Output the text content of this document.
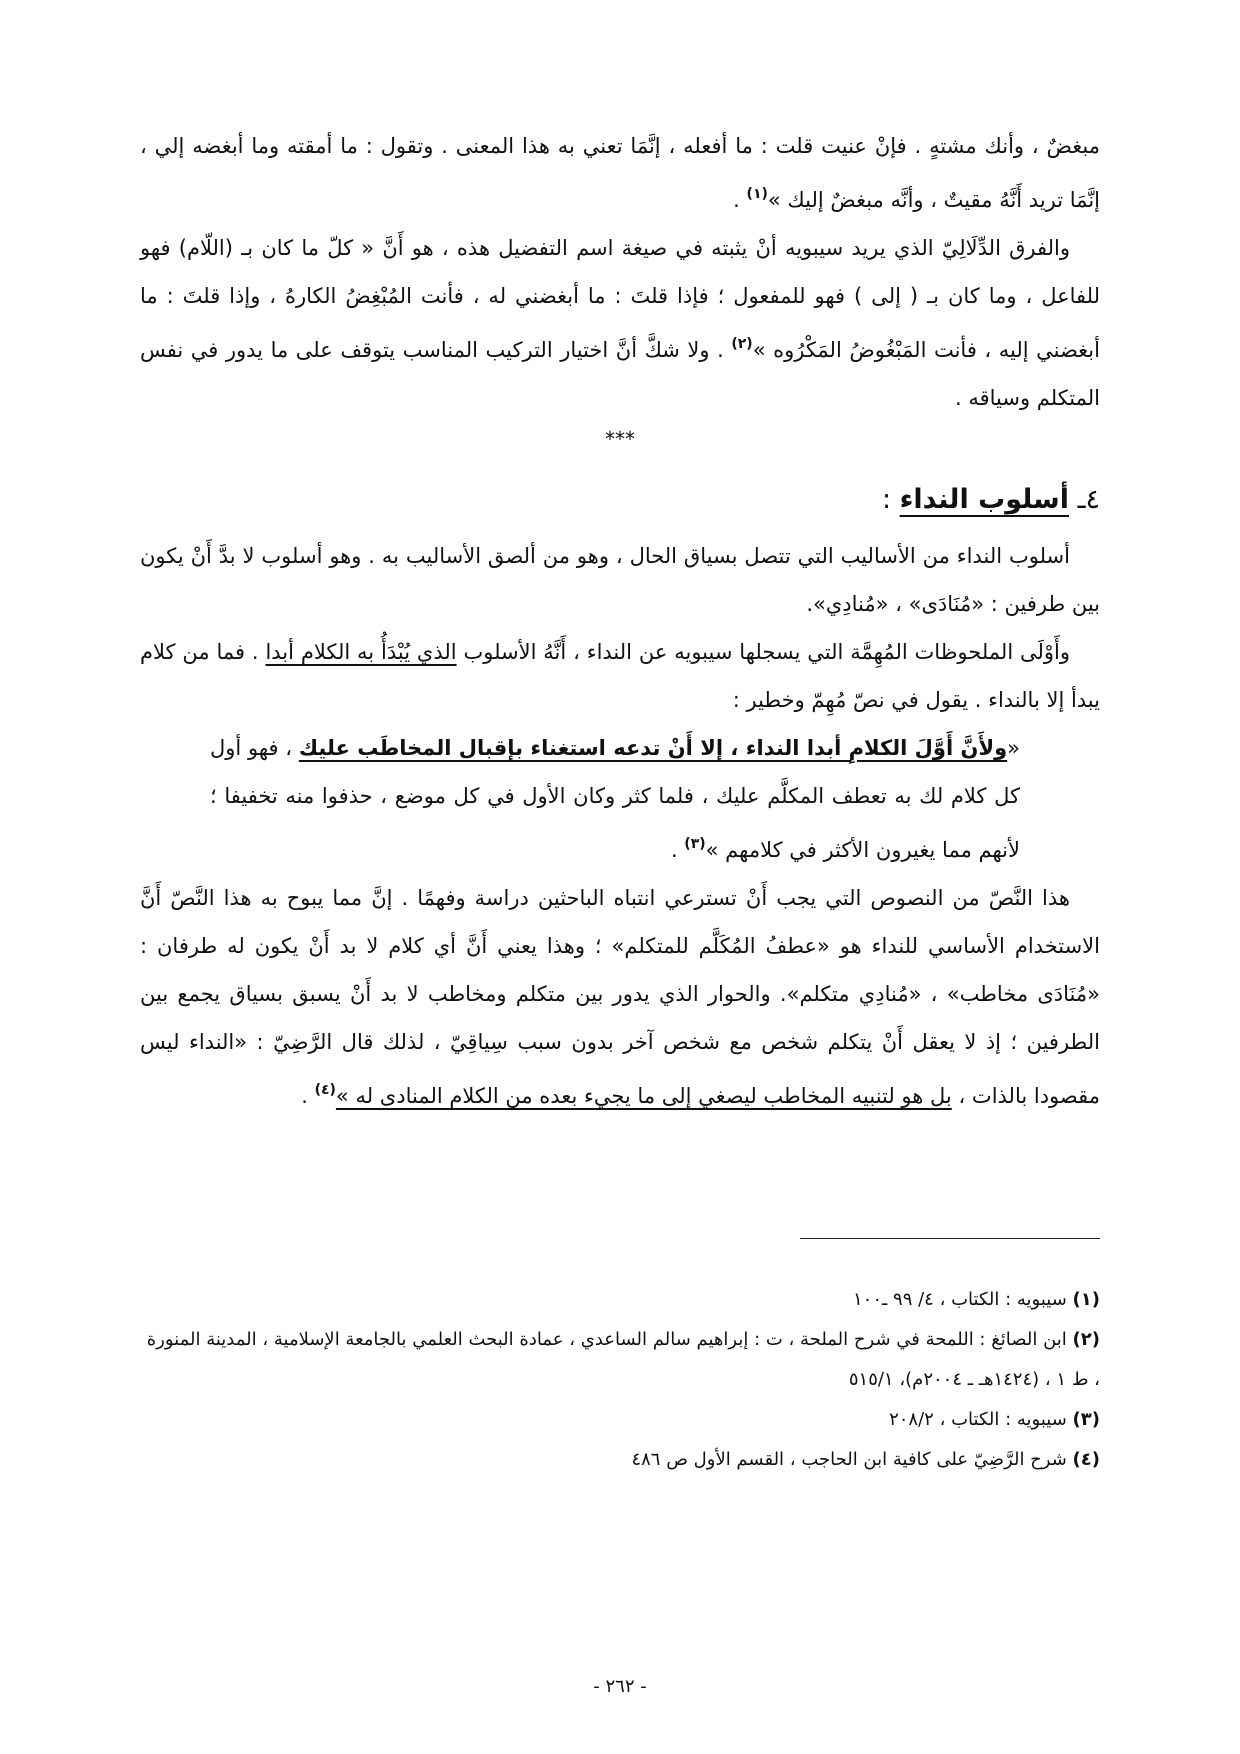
مبغضٌ ، وأنك مشتهٍ . فإنْ عنيت قلت : ما أفعله ، إنَّمَا تعني به هذا المعنى . وتقول : ما أمقته وما أبغضه إلي ، إنَّمَا تريد أَنَّهُ مقيتٌ ، وأنَّه مبغضٌ إليك »$^{(١)}$ .

والفرق الدِّلَالِيّ الذي يريد سيبويه أنْ يثبته في صيغة اسم التفضيل هذه ، هو أَنَّ « كلّ ما كان بـ (اللّام) فهو للفاعل ، وما كان بـ ( إلى ) فهو للمفعول ؛ فإذا قلتَ : ما أبغضني له ، فأنت المُبْغِضُ الكارهُ ، وإذا قلتَ : ما أبغضني إليه ، فأنت المَبْغُوضُ المَكْرُوه »$^{(٢)}$ . ولا شكَّ أنَّ اختيار التركيب المناسب يتوقف على ما يدور في نفس المتكلم وسياقه .

***

٤ـ أسلوب النداء :

أسلوب النداء من الأساليب التي تتصل بسياق الحال ، وهو من ألصق الأساليب به . وهو أسلوب لا بدَّ أَنْ يكون بين طرفين : «مُنَادَى» ، «مُنادِي».

وأَوْلَى الملحوظات المُهِمَّة التي يسجلها سيبويه عن النداء ، أَنَّهُ الأسلوب الذي يُبْدَأُ به الكلام أبدا . فما من كلام يبدأ إلا بالنداء . يقول في نصّ مُهِمّ وخطير :

«ولأَنَّ أَوَّلَ الكلامِ أبدا النداء ، إلا أَنْ تدعه استغناء بإقبال المخاطَب عليك ، فهو أول كل كلام لك به تعطف المكلَّم عليك ، فلما كثر وكان الأول في كل موضع ، حذفوا منه تخفيفا ؛ لأنهم مما يغيرون الأكثر في كلامهم »$^{(٣)}$ .

هذا النَّصّ من النصوص التي يجب أَنْ تسترعي انتباه الباحثين دراسة وفهمًا . إنَّ مما يبوح به هذا النَّصّ أَنَّ الاستخدام الأساسي للنداء هو «عطفُ المُكَلَّم للمتكلم» ؛ وهذا يعني أَنَّ أي كلام لا بد أَنْ يكون له طرفان : «مُنَادَى مخاطب» ، «مُنادِي متكلم». والحوار الذي يدور بين متكلم ومخاطب لا بد أَنْ يسبق بسياق يجمع بين الطرفين ؛ إذ لا يعقل أَنْ يتكلم شخص مع شخص آخر بدون سبب سِياقِيّ ، لذلك قال الرَّضِيّ : «النداء ليس مقصودا بالذات ، بل هو لتنبيه المخاطب ليصغي إلى ما يجيء بعده من الكلام المنادى له »$^{(٤)}$ .

(١) سيبويه : الكتاب ، ٤/ ٩٩ ـ١٠٠

(٢) ابن الصائغ : اللمحة في شرح الملحة ، ت : إبراهيم سالم الساعدي ، عمادة البحث العلمي بالجامعة الإسلامية ، المدينة المنورة ، ط ١ ، (١٤٢٤هـ ـ ٢٠٠٤م)، ٥١٥/١

(٣) سيبويه : الكتاب ، ٢٠٨/٢

(٤) شرح الرَّضِيّ على كافية ابن الحاجب ، القسم الأول ص ٤٨٦

- ٢٦٢ -
